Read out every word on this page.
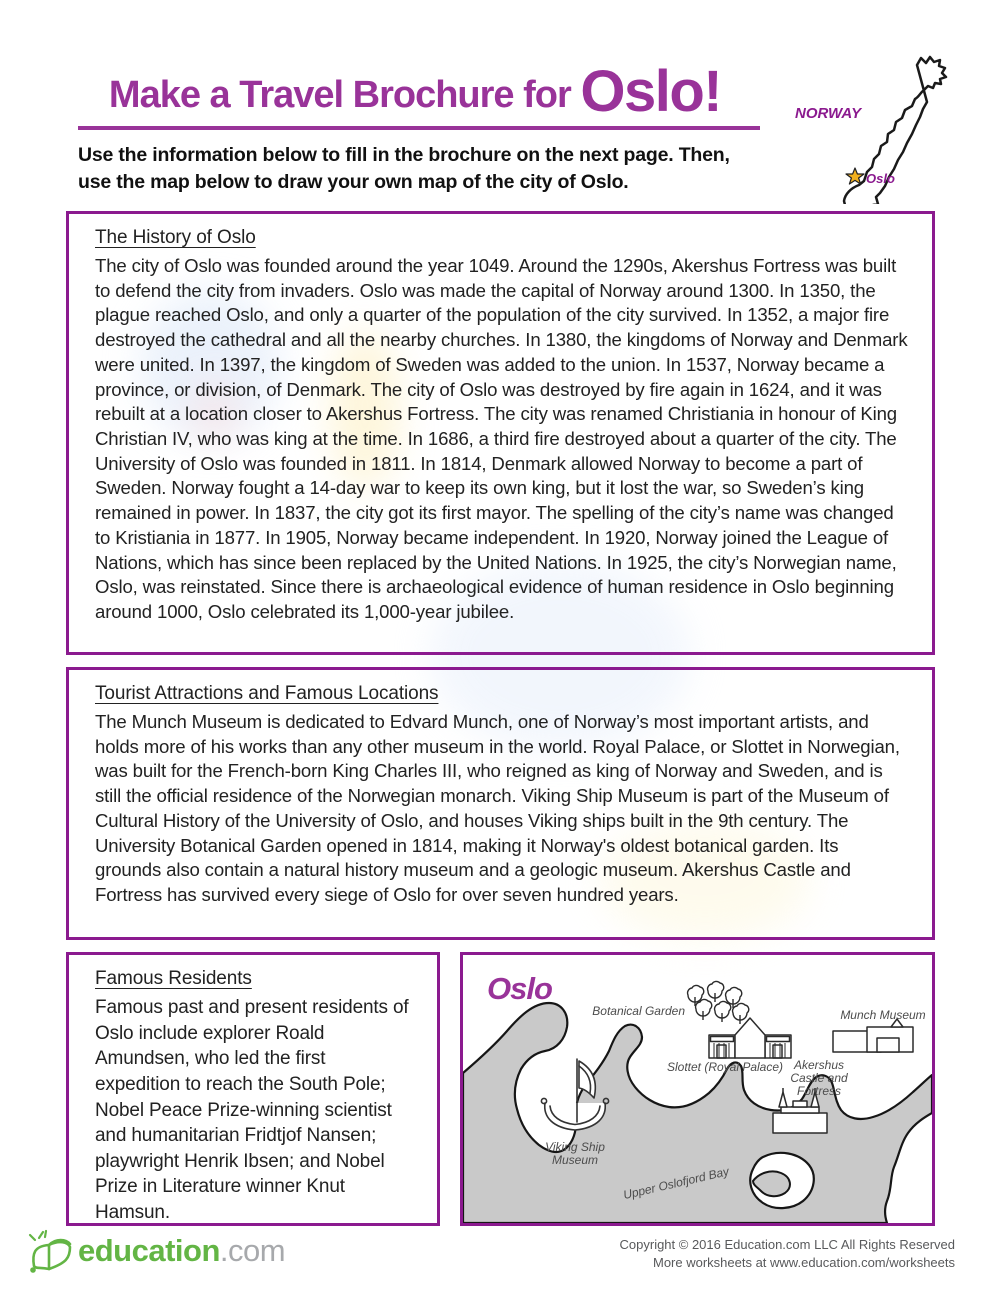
Make a Travel Brochure for Oslo!	NORWAY
Oslo
Use the information below to fill in the brochure on the next page. Then,
use the map below to draw your own map of the city of Oslo.
The History of Oslo
The city of Oslo was founded around the year 1049. Around the 1290s, Akershus Fortress was built to defend the city from invaders. Oslo was made the capital of Norway around 1300. In 1350, the plague reached Oslo, and only a quarter of the population of the city survived. In 1352, a major fire destroyed the cathedral and all the nearby churches. In 1380, the kingdoms of Norway and Denmark were united. In 1397, the kingdom of Sweden was added to the union. In 1537, Norway became a province, or division, of Denmark. The city of Oslo was destroyed by fire again in 1624, and it was rebuilt at a location closer to Akershus Fortress. The city was renamed Christiania in honour of King Christian IV, who was king at the time. In 1686, a third fire destroyed about a quarter of the city. The University of Oslo was founded in 1811. In 1814, Denmark allowed Norway to become a part of Sweden. Norway fought a 14-day war to keep its own king, but it lost the war, so Sweden’s king remained in power. In 1837, the city got its first mayor. The spelling of the city’s name was changed to Kristiania in 1877. In 1905, Norway became independent. In 1920, Norway joined the League of Nations, which has since been replaced by the United Nations. In 1925, the city’s Norwegian name, Oslo, was reinstated. Since there is archaeological evidence of human residence in Oslo beginning around 1000, Oslo celebrated its 1,000-year jubilee.
Tourist Attractions and Famous Locations
The Munch Museum is dedicated to Edvard Munch, one of Norway’s most important artists, and holds more of his works than any other museum in the world. Royal Palace, or Slottet in Norwegian, was built for the French-born King Charles III, who reigned as king of Norway and Sweden, and is still the official residence of the Norwegian monarch. Viking Ship Museum is part of the Museum of Cultural History of the University of Oslo, and houses Viking ships built in the 9th century. The University Botanical Garden opened in 1814, making it Norway's oldest botanical garden. Its grounds also contain a natural history museum and a geologic museum. Akershus Castle and Fortress has survived every siege of Oslo for over seven hundred years.
Famous Residents
Famous past and present residents of Oslo include explorer Roald Amundsen, who led the first expedition to reach the South Pole; Nobel Peace Prize-winning scientist and humanitarian Fridtjof Nansen; playwright Henrik Ibsen; and Nobel Prize in Literature winner Knut Hamsun.
Oslo
Botanical Garden
Slottet (Royal Palace)
Munch Museum
Akershus
Castle and
Fortress
Viking Ship
Museum
Upper Oslofjord Bay
education.com	Copyright © 2016 Education.com LLC All Rights Reserved
More worksheets at www.education.com/worksheets
